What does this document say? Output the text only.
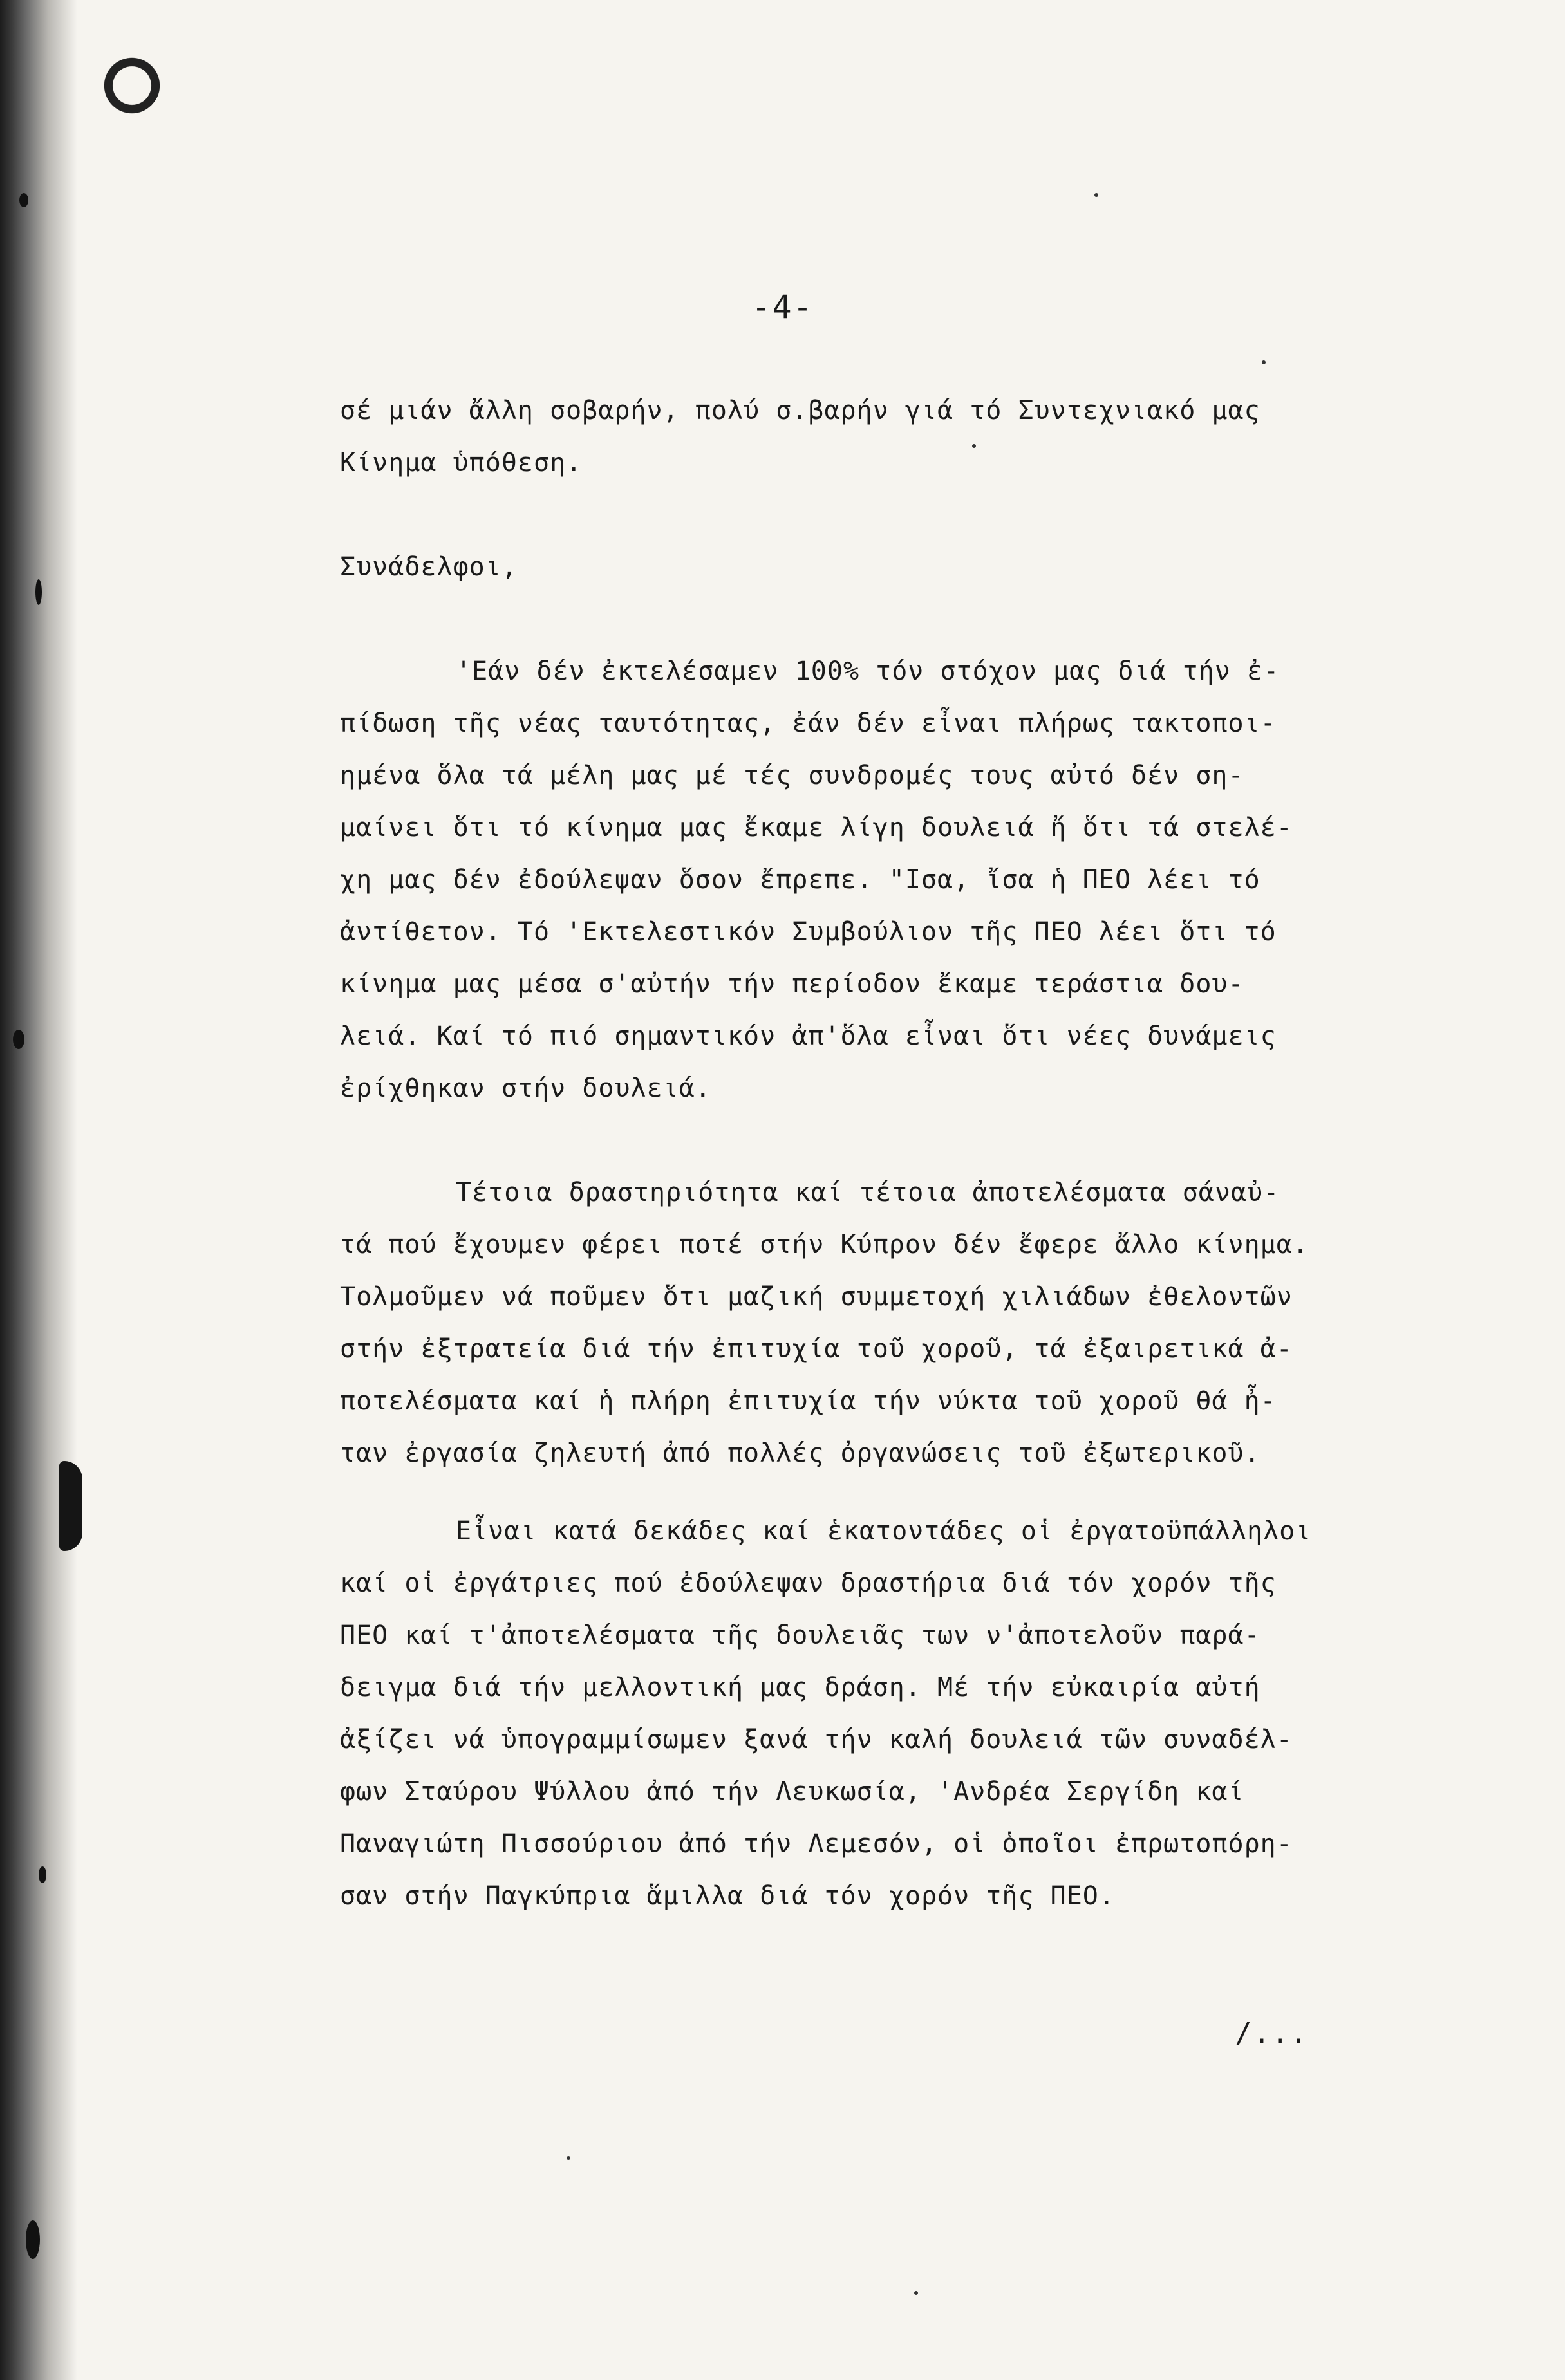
-4-
σέ μιάν ἄλλη σοβαρήν, πολύ σ.βαρήν γιά τό Συντεχνιακό μας
Κίνημα ὑπόθεση.
Συνάδελφοι,
'Εάν δέν ἐκτελέσαμεν 100% τόν στόχον μας διά τήν ἐ-
πίδωση τῆς νέας ταυτότητας, ἐάν δέν εἶναι πλήρως τακτοποι-
ημένα ὅλα τά μέλη μας μέ τές συνδρομές τους αὐτό δέν ση-
μαίνει ὅτι τό κίνημα μας ἔκαμε λίγη δουλειά ἤ ὅτι τά στελέ-
χη μας δέν ἐδούλεψαν ὅσον ἔπρεπε. "Ισα, ἴσα ἡ ΠΕΟ λέει τό
ἀντίθετον. Τό 'Εκτελεστικόν Συμβούλιον τῆς ΠΕΟ λέει ὅτι τό
κίνημα μας μέσα σ'αὐτήν τήν περίοδον ἔκαμε τεράστια δου-
λειά. Καί τό πιό σημαντικόν ἀπ'ὅλα εἶναι ὅτι νέες δυνάμεις
ἐρίχθηκαν στήν δουλειά.
Τέτοια δραστηριότητα καί τέτοια ἀποτελέσματα σάναὐ-
τά πού ἔχουμεν φέρει ποτέ στήν Κύπρον δέν ἔφερε ἄλλο κίνημα.
Τολμοῦμεν νά ποῦμεν ὅτι μαζική συμμετοχή χιλιάδων ἐθελοντῶν
στήν ἐξτρατεία διά τήν ἐπιτυχία τοῦ χοροῦ, τά ἐξαιρετικά ἀ-
ποτελέσματα καί ἡ πλήρη ἐπιτυχία τήν νύκτα τοῦ χοροῦ θά ἦ-
ταν ἐργασία ζηλευτή ἀπό πολλές ὀργανώσεις τοῦ ἐξωτερικοῦ.
Εἶναι κατά δεκάδες καί ἑκατοντάδες οἱ ἐργατοϋπάλληλοι
καί οἱ ἐργάτριες πού ἐδούλεψαν δραστήρια διά τόν χορόν τῆς
ΠΕΟ καί τ'ἀποτελέσματα τῆς δουλειᾶς των ν'ἀποτελοῦν παρά-
δειγμα διά τήν μελλοντική μας δράση. Μέ τήν εὐκαιρία αὐτή
ἀξίζει νά ὑπογραμμίσωμεν ξανά τήν καλή δουλειά τῶν συναδέλ-
φων Σταύρου Ψύλλου ἀπό τήν Λευκωσία, 'Ανδρέα Σεργίδη καί
Παναγιώτη Πισσούριου ἀπό τήν Λεμεσόν, οἱ ὁποῖοι ἐπρωτοπόρη-
σαν στήν Παγκύπρια ἅμιλλα διά τόν χορόν τῆς ΠΕΟ.
/...
